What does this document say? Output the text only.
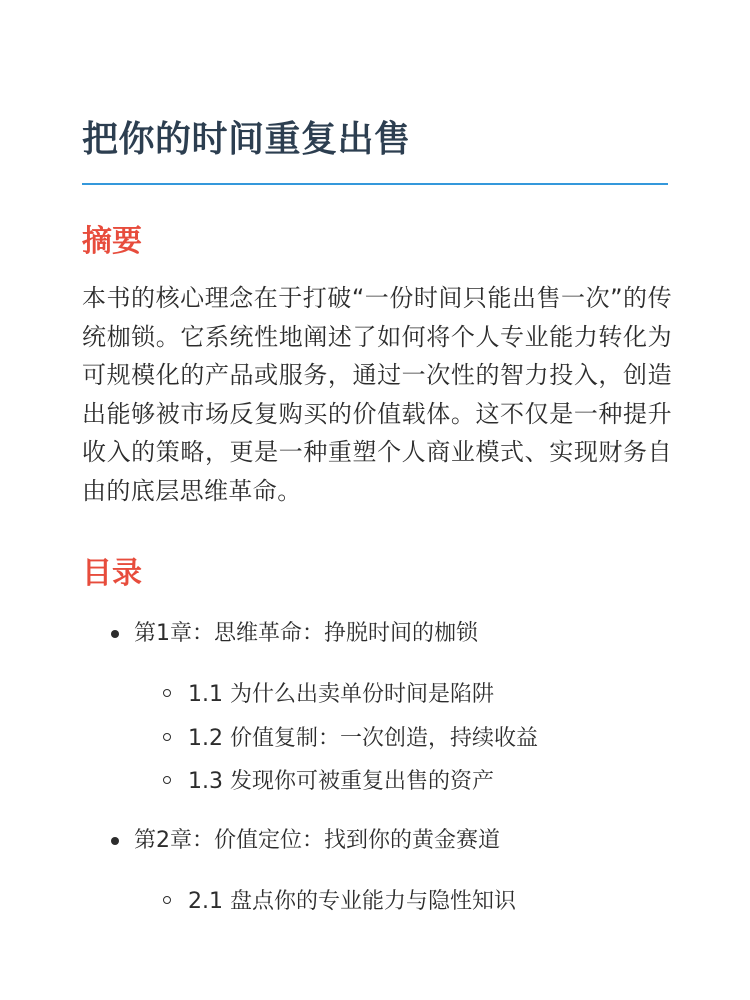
把你的时间重复出售
摘要

本书的核心理念在于打破“一份时间只能出售一次”的传统枷锁。它系统性地阐述了如何将个人专业能力转化为可规模化的产品或服务，通过一次性的智力投入，创造出能够被市场反复购买的价值载体。这不仅是一种提升收入的策略，更是一种重塑个人商业模式、实现财务自由的底层思维革命。

目录
第1章：思维革命：挣脱时间的枷锁
1.1 为什么出卖单份时间是陷阱
1.2 价值复制：一次创造，持续收益
1.3 发现你可被重复出售的资产
第2章：价值定位：找到你的黄金赛道
2.1 盘点你的专业能力与隐性知识
